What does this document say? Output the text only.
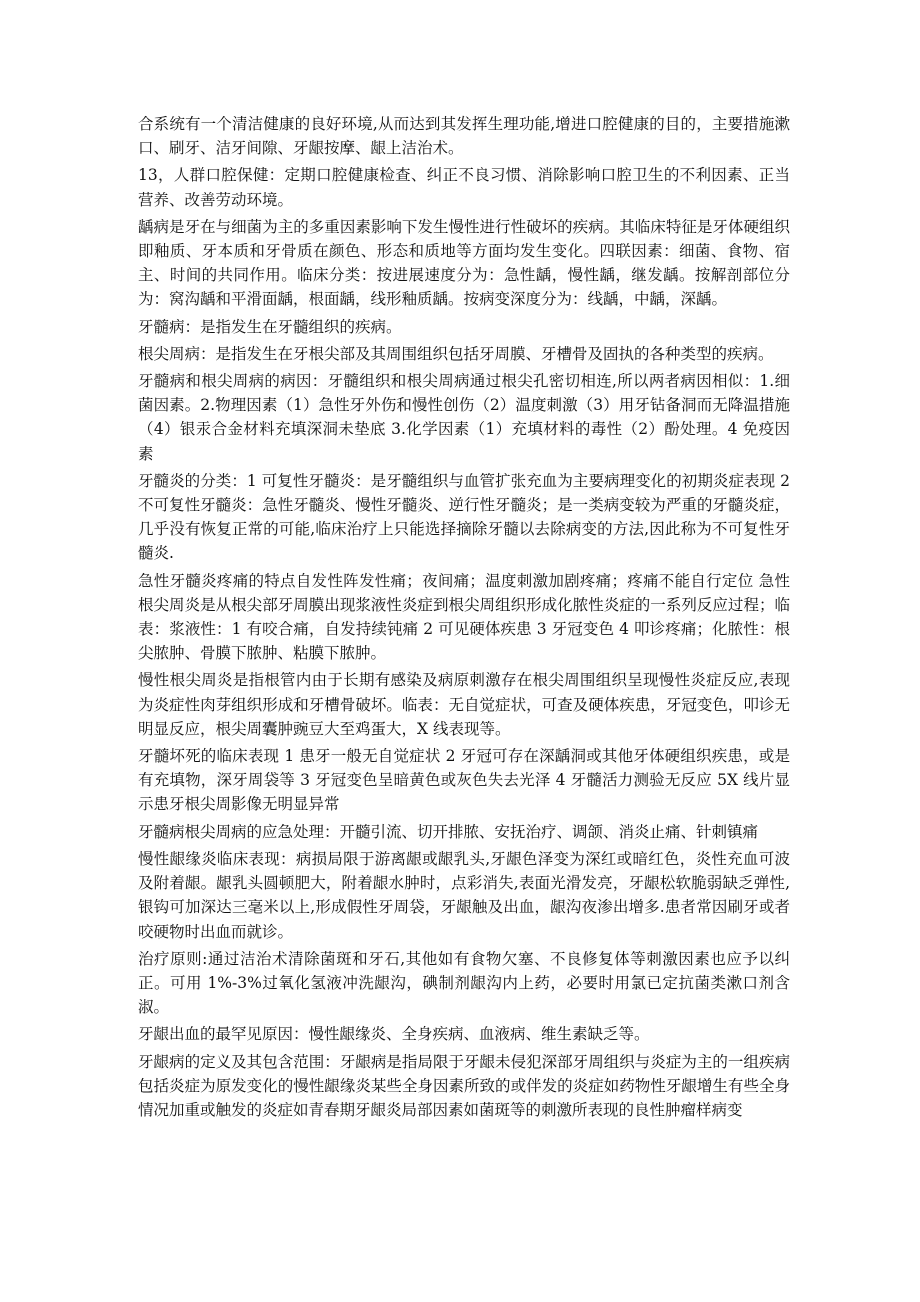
合系统有一个清洁健康的良好环境,从而达到其发挥生理功能,增进口腔健康的目的，主要措施漱口、刷牙、洁牙间隙、牙龈按摩、龈上洁治术。

13，人群口腔保健：定期口腔健康检查、纠正不良习惯、消除影响口腔卫生的不利因素、正当营养、改善劳动环境。

龋病是牙在与细菌为主的多重因素影响下发生慢性进行性破坏的疾病。其临床特征是牙体硬组织即釉质、牙本质和牙骨质在颜色、形态和质地等方面均发生变化。四联因素：细菌、食物、宿主、时间的共同作用。临床分类：按进展速度分为：急性龋，慢性龋，继发龋。按解剖部位分为：窝沟龋和平滑面龋，根面龋，线形釉质龋。按病变深度分为：线龋，中龋，深龋。

牙髓病：是指发生在牙髓组织的疾病。

根尖周病：是指发生在牙根尖部及其周围组织包括牙周膜、牙槽骨及固执的各种类型的疾病。

牙髓病和根尖周病的病因：牙髓组织和根尖周病通过根尖孔密切相连,所以两者病因相似：1.细菌因素。2.物理因素（1）急性牙外伤和慢性创伤（2）温度刺激（3）用牙钻备洞而无降温措施（4）银汞合金材料充填深洞未垫底 3.化学因素（1）充填材料的毒性（2）酚处理。4 免疫因素

牙髓炎的分类：1 可复性牙髓炎：是牙髓组织与血管扩张充血为主要病理变化的初期炎症表现 2 不可复性牙髓炎：急性牙髓炎、慢性牙髓炎、逆行性牙髓炎；是一类病变较为严重的牙髓炎症，几乎没有恢复正常的可能,临床治疗上只能选择摘除牙髓以去除病变的方法,因此称为不可复性牙髓炎.

急性牙髓炎疼痛的特点自发性阵发性痛；夜间痛；温度刺激加剧疼痛；疼痛不能自行定位 急性根尖周炎是从根尖部牙周膜出现浆液性炎症到根尖周组织形成化脓性炎症的一系列反应过程；临表：浆液性：1 有咬合痛，自发持续钝痛 2 可见硬体疾患 3 牙冠变色 4 叩诊疼痛；化脓性：根尖脓肿、骨膜下脓肿、粘膜下脓肿。

慢性根尖周炎是指根管内由于长期有感染及病原刺激存在根尖周围组织呈现慢性炎症反应,表现为炎症性肉芽组织形成和牙槽骨破坏。临表：无自觉症状，可查及硬体疾患，牙冠变色，叩诊无明显反应，根尖周囊肿豌豆大至鸡蛋大，X 线表现等。

牙髓坏死的临床表现 1 患牙一般无自觉症状 2 牙冠可存在深龋洞或其他牙体硬组织疾患，或是有充填物，深牙周袋等 3 牙冠变色呈暗黄色或灰色失去光泽 4 牙髓活力测验无反应 5X 线片显示患牙根尖周影像无明显异常

牙髓病根尖周病的应急处理：开髓引流、切开排脓、安抚治疗、调颌、消炎止痛、针刺镇痛

慢性龈缘炎临床表现：病损局限于游离龈或龈乳头,牙龈色泽变为深红或暗红色，炎性充血可波及附着龈。龈乳头圆顿肥大，附着龈水肿时，点彩消失,表面光滑发亮，牙龈松软脆弱缺乏弹性,银钩可加深达三毫米以上,形成假性牙周袋，牙龈触及出血，龈沟夜渗出增多.患者常因刷牙或者咬硬物时出血而就诊。

治疗原则:通过洁治术清除菌斑和牙石,其他如有食物欠塞、不良修复体等刺激因素也应予以纠正。可用 1%-3%过氧化氢液冲洗龈沟，碘制剂龈沟内上药，必要时用氯已定抗菌类漱口剂含淑。

牙龈出血的最罕见原因：慢性龈缘炎、全身疾病、血液病、维生素缺乏等。

牙龈病的定义及其包含范围：牙龈病是指局限于牙龈未侵犯深部牙周组织与炎症为主的一组疾病包括炎症为原发变化的慢性龈缘炎某些全身因素所致的或伴发的炎症如药物性牙龈增生有些全身情况加重或触发的炎症如青春期牙龈炎局部因素如菌斑等的刺激所表现的良性肿瘤样病变
